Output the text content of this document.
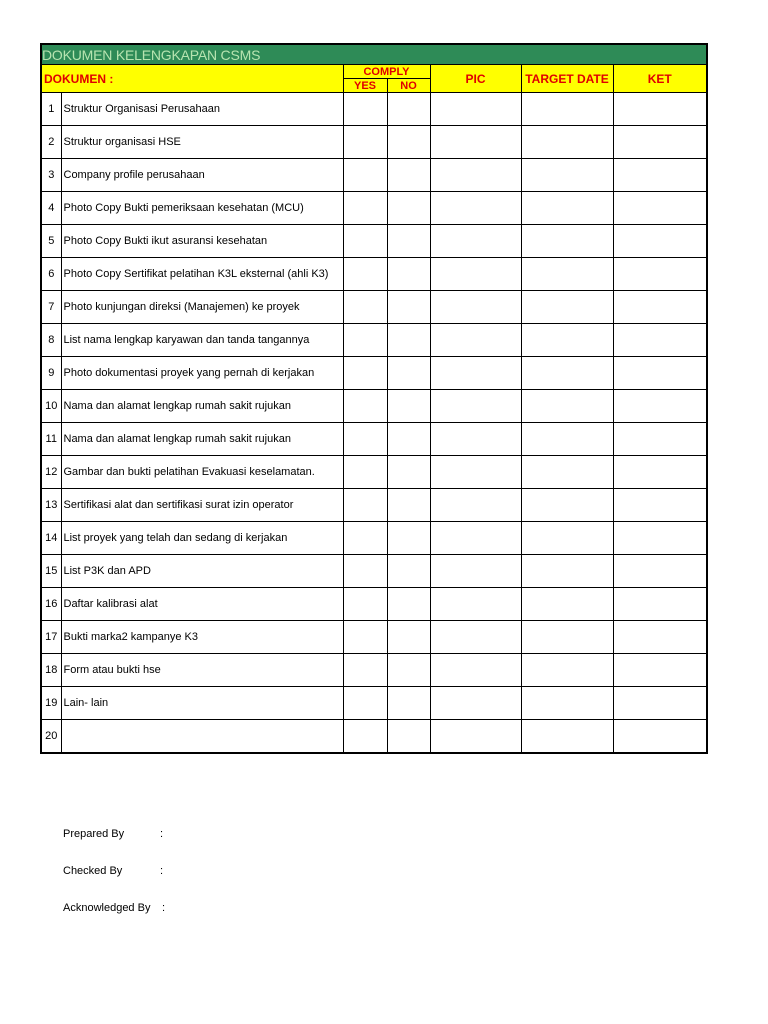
DOKUMEN KELENGKAPAN CSMS						
DOKUMEN :		COMPLY		PIC	TARGET DATE	KET
		YES	NO			
1	Struktur Organisasi Perusahaan					
2	Struktur organisasi HSE					
3	Company profile perusahaan					
4	Photo Copy Bukti pemeriksaan kesehatan (MCU)					
5	Photo Copy Bukti ikut asuransi kesehatan					
6	Photo Copy Sertifikat pelatihan K3L eksternal (ahli K3)					
7	Photo kunjungan direksi (Manajemen) ke proyek					
8	List nama lengkap karyawan dan tanda tangannya					
9	Photo dokumentasi proyek yang pernah di kerjakan					
10	Nama dan alamat lengkap rumah sakit rujukan					
11	Nama dan alamat lengkap rumah sakit rujukan					
12	Gambar dan bukti pelatihan Evakuasi keselamatan.					
13	Sertifikasi alat dan sertifikasi surat izin operator					
14	List proyek yang telah dan sedang di kerjakan					
15	List P3K dan APD					
16	Daftar kalibrasi alat					
17	Bukti marka2 kampanye K3					
18	Form atau bukti hse					
19	Lain- lain					
20						
Prepared By	:
Checked By	:
Acknowledged By :
